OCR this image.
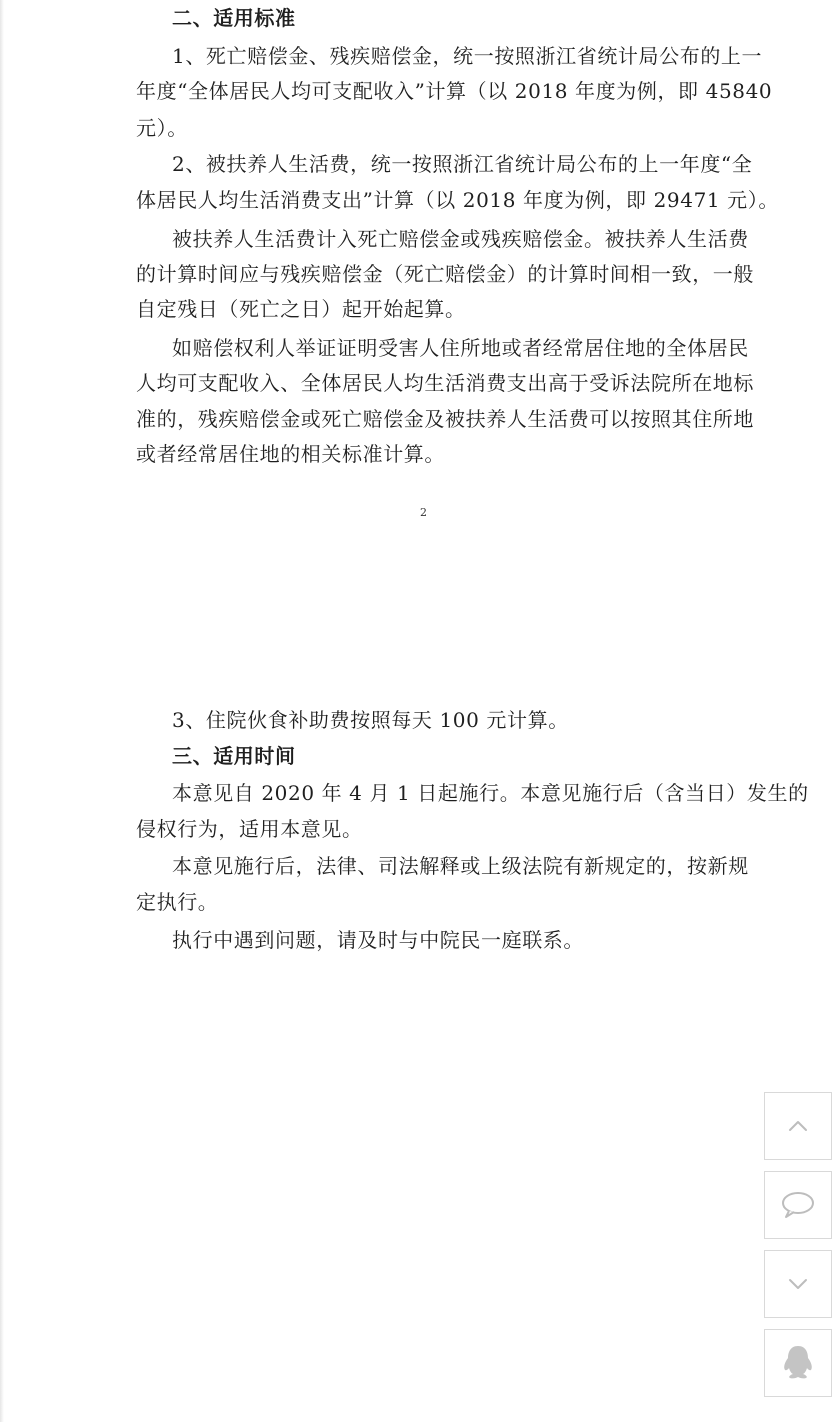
二、适用标准
1、死亡赔偿金、残疾赔偿金，统一按照浙江省统计局公布的上一
年度“全体居民人均可支配收入”计算（以 2018 年度为例，即 45840
元）。
2、被扶养人生活费，统一按照浙江省统计局公布的上一年度“全
体居民人均生活消费支出”计算（以 2018 年度为例，即 29471 元）。
被扶养人生活费计入死亡赔偿金或残疾赔偿金。被扶养人生活费
的计算时间应与残疾赔偿金（死亡赔偿金）的计算时间相一致，一般
自定残日（死亡之日）起开始起算。
如赔偿权利人举证证明受害人住所地或者经常居住地的全体居民
人均可支配收入、全体居民人均生活消费支出高于受诉法院所在地标
准的，残疾赔偿金或死亡赔偿金及被扶养人生活费可以按照其住所地
或者经常居住地的相关标准计算。
2
3、住院伙食补助费按照每天 100 元计算。
三、适用时间
本意见自 2020 年 4 月 1 日起施行。本意见施行后（含当日）发生的
侵权行为，适用本意见。
本意见施行后，法律、司法解释或上级法院有新规定的，按新规
定执行。
执行中遇到问题，请及时与中院民一庭联系。
